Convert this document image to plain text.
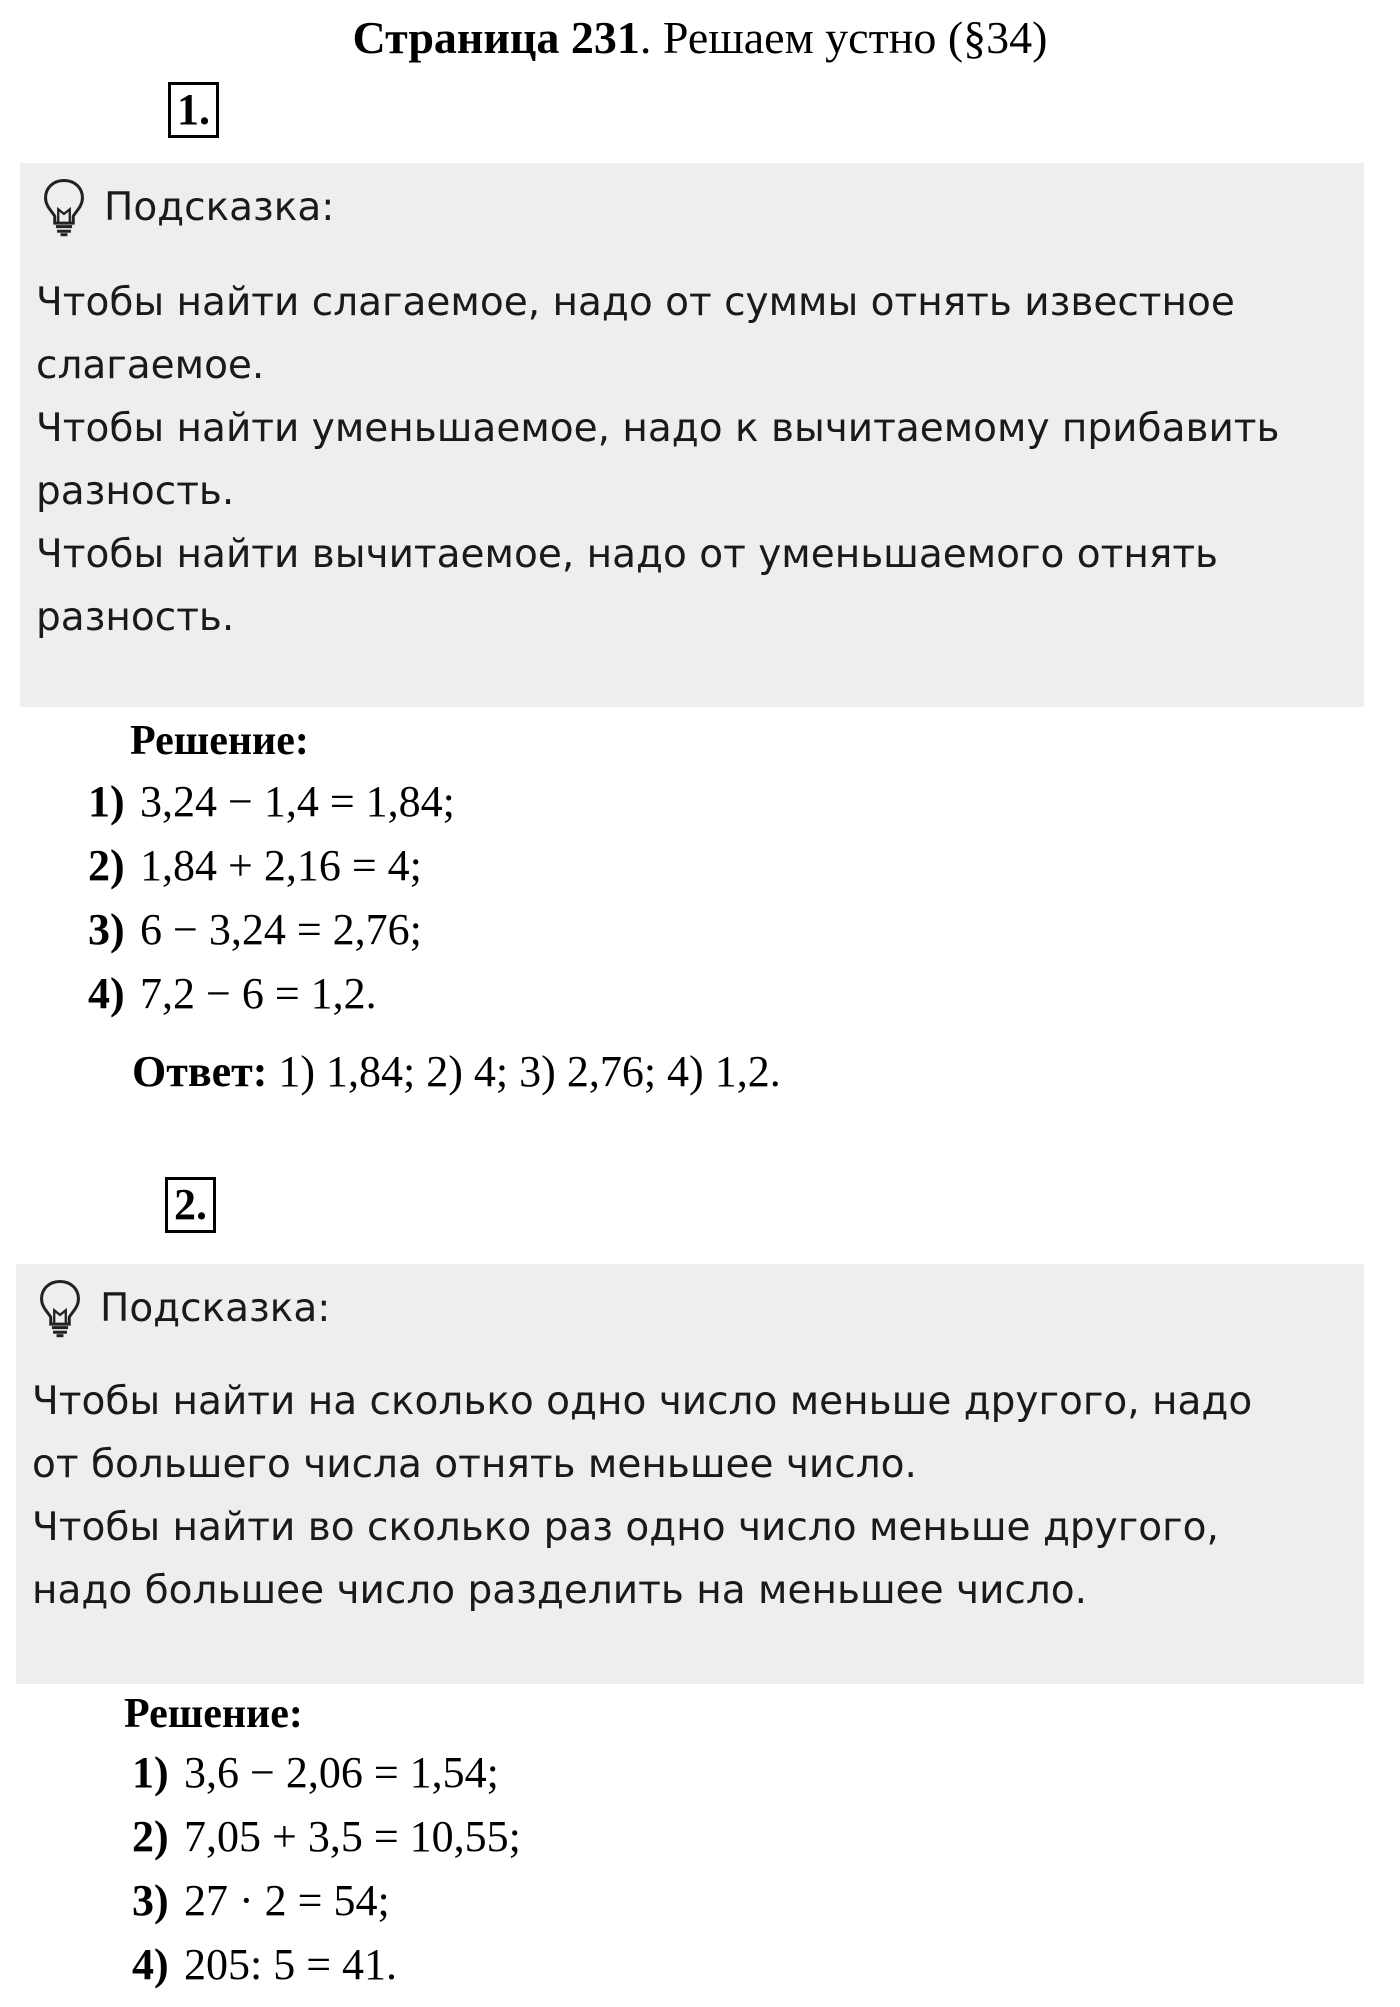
Страница 231. Решаем устно (§34)
1.
Подсказка:
Чтобы найти слагаемое, надо от суммы отнять известное
слагаемое.
Чтобы найти уменьшаемое, надо к вычитаемому прибавить
разность.
Чтобы найти вычитаемое, надо от уменьшаемого отнять
разность.
Решение:
1) 3,24 − 1,4 = 1,84;
2) 1,84 + 2,16 = 4;
3) 6 − 3,24 = 2,76;
4) 7,2 − 6 = 1,2.
Ответ: 1) 1,84; 2) 4; 3) 2,76; 4) 1,2.
2.
Подсказка:
Чтобы найти на сколько одно число меньше другого, надо
от большего числа отнять меньшее число.
Чтобы найти во сколько раз одно число меньше другого,
надо большее число разделить на меньшее число.
Решение:
1) 3,6 − 2,06 = 1,54;
2) 7,05 + 3,5 = 10,55;
3) 27 · 2 = 54;
4) 205: 5 = 41.
